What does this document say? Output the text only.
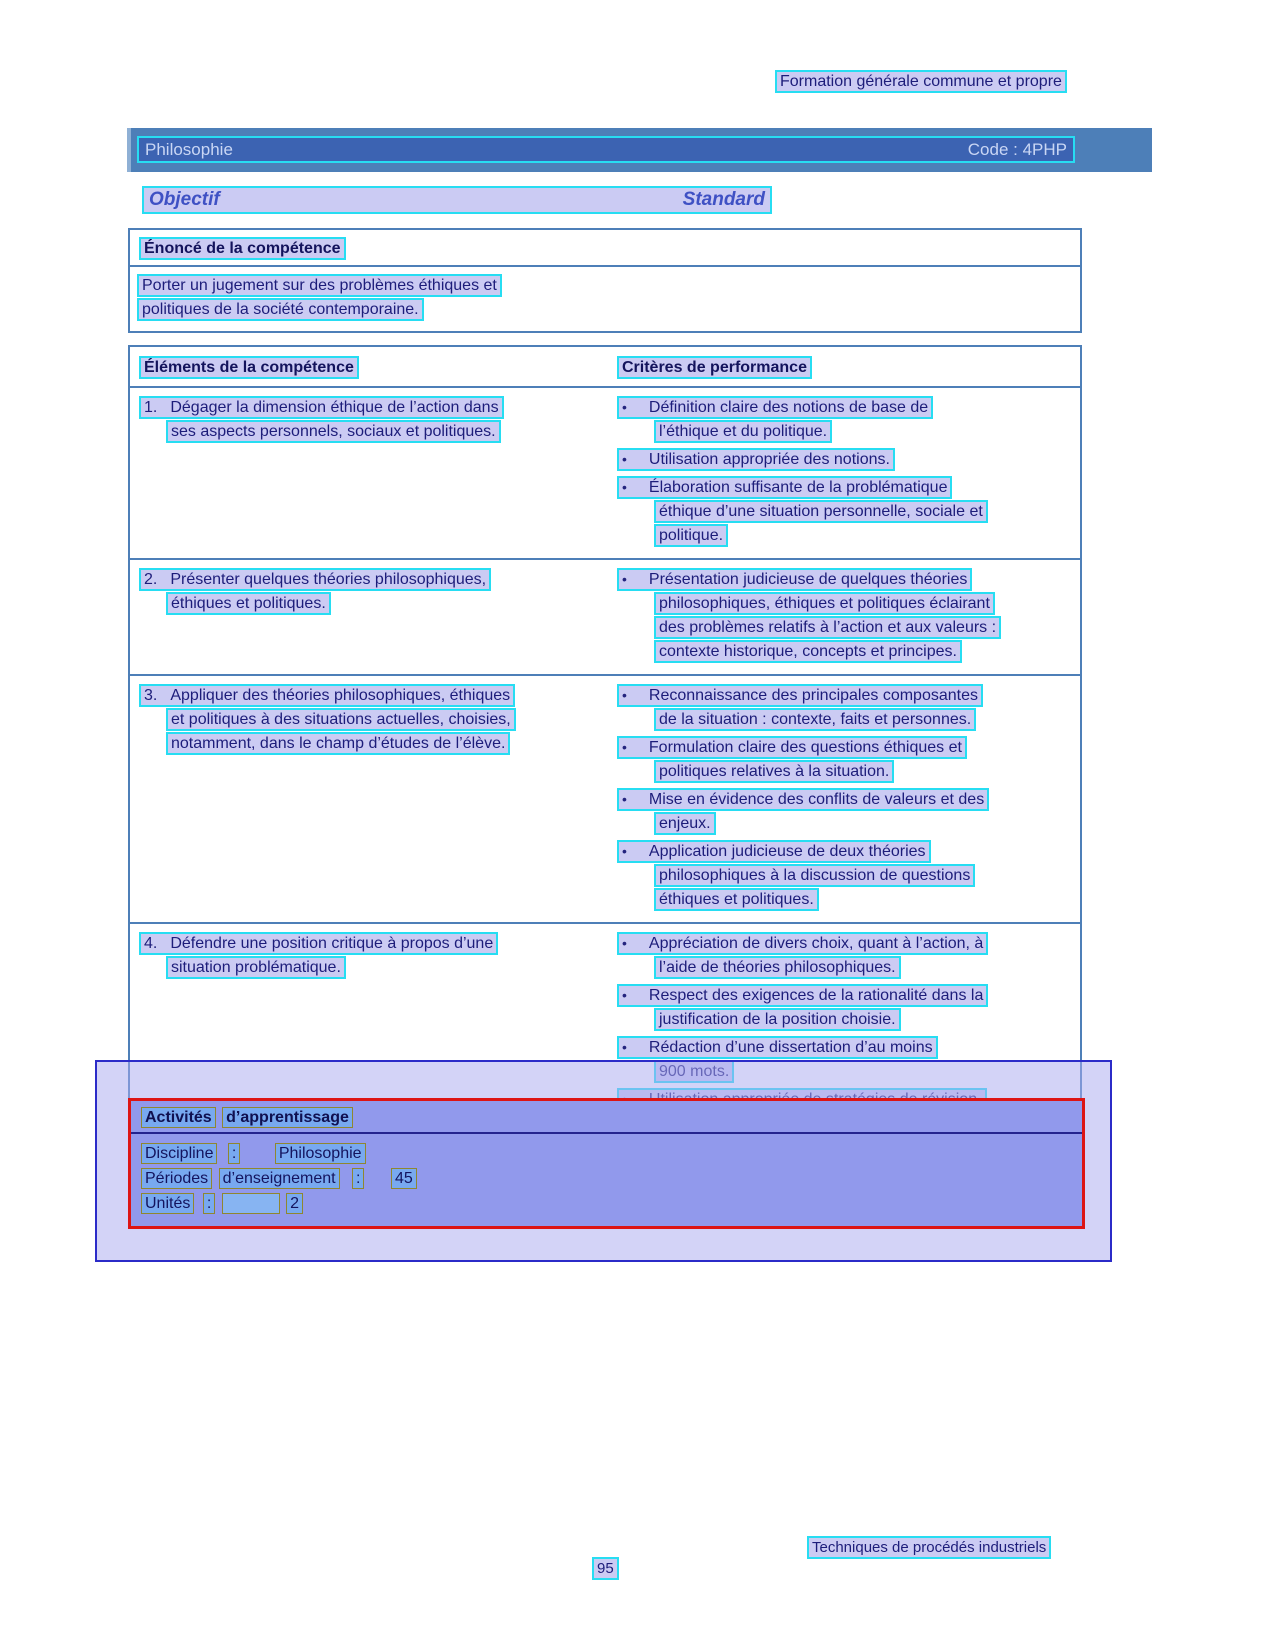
Formation générale commune et propre
Philosophie	Code : 4PHP
Objectif	Standard
Énoncé de la compétence
Porter un jugement sur des problèmes éthiques et
politiques de la société contemporaine.
Éléments de la compétence	Critères de performance
1. Dégager la dimension éthique de l’action dans
ses aspects personnels, sociaux et politiques.
• Définition claire des notions de base de
l’éthique et du politique.
• Utilisation appropriée des notions.
• Élaboration suffisante de la problématique
éthique d’une situation personnelle, sociale et
politique.
2. Présenter quelques théories philosophiques,
éthiques et politiques.
• Présentation judicieuse de quelques théories
philosophiques, éthiques et politiques éclairant
des problèmes relatifs à l’action et aux valeurs :
contexte historique, concepts et principes.
3. Appliquer des théories philosophiques, éthiques
et politiques à des situations actuelles, choisies,
notamment, dans le champ d’études de l’élève.
• Reconnaissance des principales composantes
de la situation : contexte, faits et personnes.
• Formulation claire des questions éthiques et
politiques relatives à la situation.
• Mise en évidence des conflits de valeurs et des
enjeux.
• Application judicieuse de deux théories
philosophiques à la discussion de questions
éthiques et politiques.
4. Défendre une position critique à propos d’une
situation problématique.
• Appréciation de divers choix, quant à l’action, à
l’aide de théories philosophiques.
• Respect des exigences de la rationalité dans la
justification de la position choisie.
• Rédaction d’une dissertation d’au moins
Activités d’apprentissage
Discipline :	Philosophie
Périodes d’enseignement : 45
Unités :	2
Techniques de procédés industriels
95
